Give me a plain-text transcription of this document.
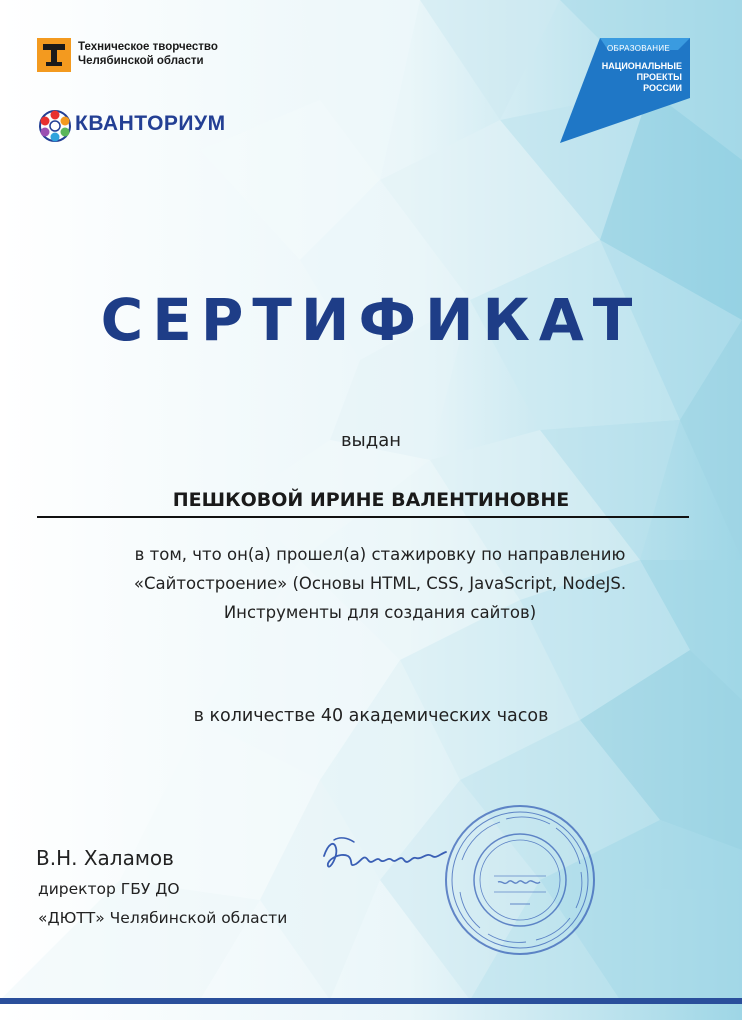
Техническое творчество
Челябинской области
КВАНТОРИУМ
ОБРАЗОВАНИЕ
НАЦИОНАЛЬНЫЕ
ПРОЕКТЫ
РОССИИ
СЕРТИФИКАТ
выдан
ПЕШКОВОЙ ИРИНЕ ВАЛЕНТИНОВНЕ
в том, что он(а) прошел(а) стажировку по направлению
«Сайтостроение» (Основы HTML, CSS, JavaScript, NodeJS.
Инструменты для создания сайтов)
в количестве 40 академических часов
В.Н. Халамов
директор ГБУ ДО
«ДЮТТ» Челябинской области
